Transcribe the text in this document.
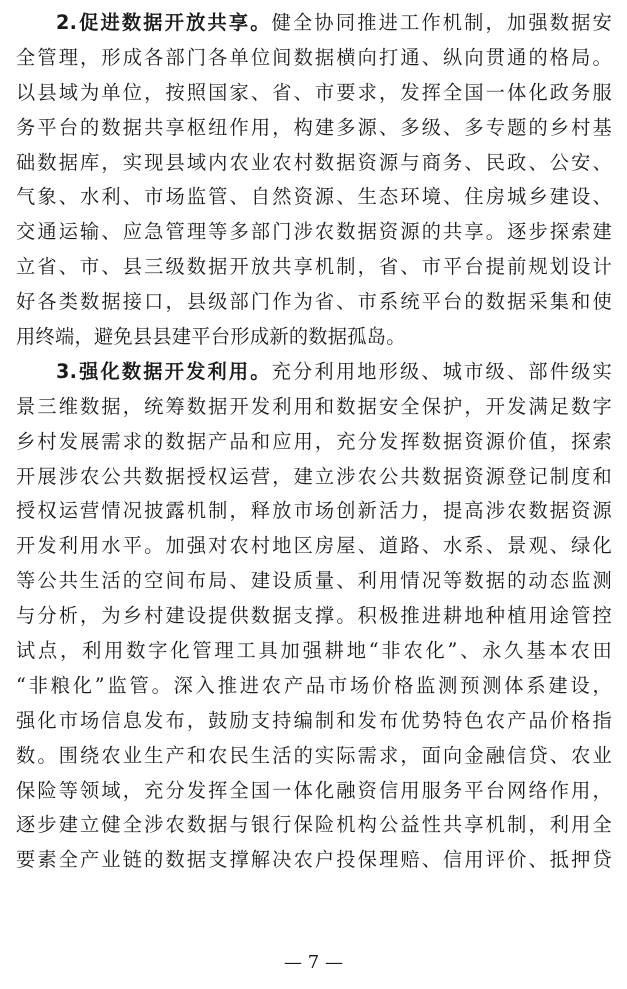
2.促进数据开放共享。健全协同推进工作机制，加强数据安
全管理，形成各部门各单位间数据横向打通、纵向贯通的格局。
以县域为单位，按照国家、省、市要求，发挥全国一体化政务服
务平台的数据共享枢纽作用，构建多源、多级、多专题的乡村基
础数据库，实现县域内农业农村数据资源与商务、民政、公安、
气象、水利、市场监管、自然资源、生态环境、住房城乡建设、
交通运输、应急管理等多部门涉农数据资源的共享。逐步探索建
立省、市、县三级数据开放共享机制，省、市平台提前规划设计
好各类数据接口，县级部门作为省、市系统平台的数据采集和使
用终端，避免县县建平台形成新的数据孤岛。
3.强化数据开发利用。充分利用地形级、城市级、部件级实
景三维数据，统筹数据开发利用和数据安全保护，开发满足数字
乡村发展需求的数据产品和应用，充分发挥数据资源价值，探索
开展涉农公共数据授权运营，建立涉农公共数据资源登记制度和
授权运营情况披露机制，释放市场创新活力，提高涉农数据资源
开发利用水平。加强对农村地区房屋、道路、水系、景观、绿化
等公共生活的空间布局、建设质量、利用情况等数据的动态监测
与分析，为乡村建设提供数据支撑。积极推进耕地种植用途管控
试点，利用数字化管理工具加强耕地“非农化”、永久基本农田
“非粮化”监管。深入推进农产品市场价格监测预测体系建设，
强化市场信息发布，鼓励支持编制和发布优势特色农产品价格指
数。围绕农业生产和农民生活的实际需求，面向金融信贷、农业
保险等领域，充分发挥全国一体化融资信用服务平台网络作用，
逐步建立健全涉农数据与银行保险机构公益性共享机制，利用全
要素全产业链的数据支撑解决农户投保理赔、信用评价、抵押贷
— 7 —
